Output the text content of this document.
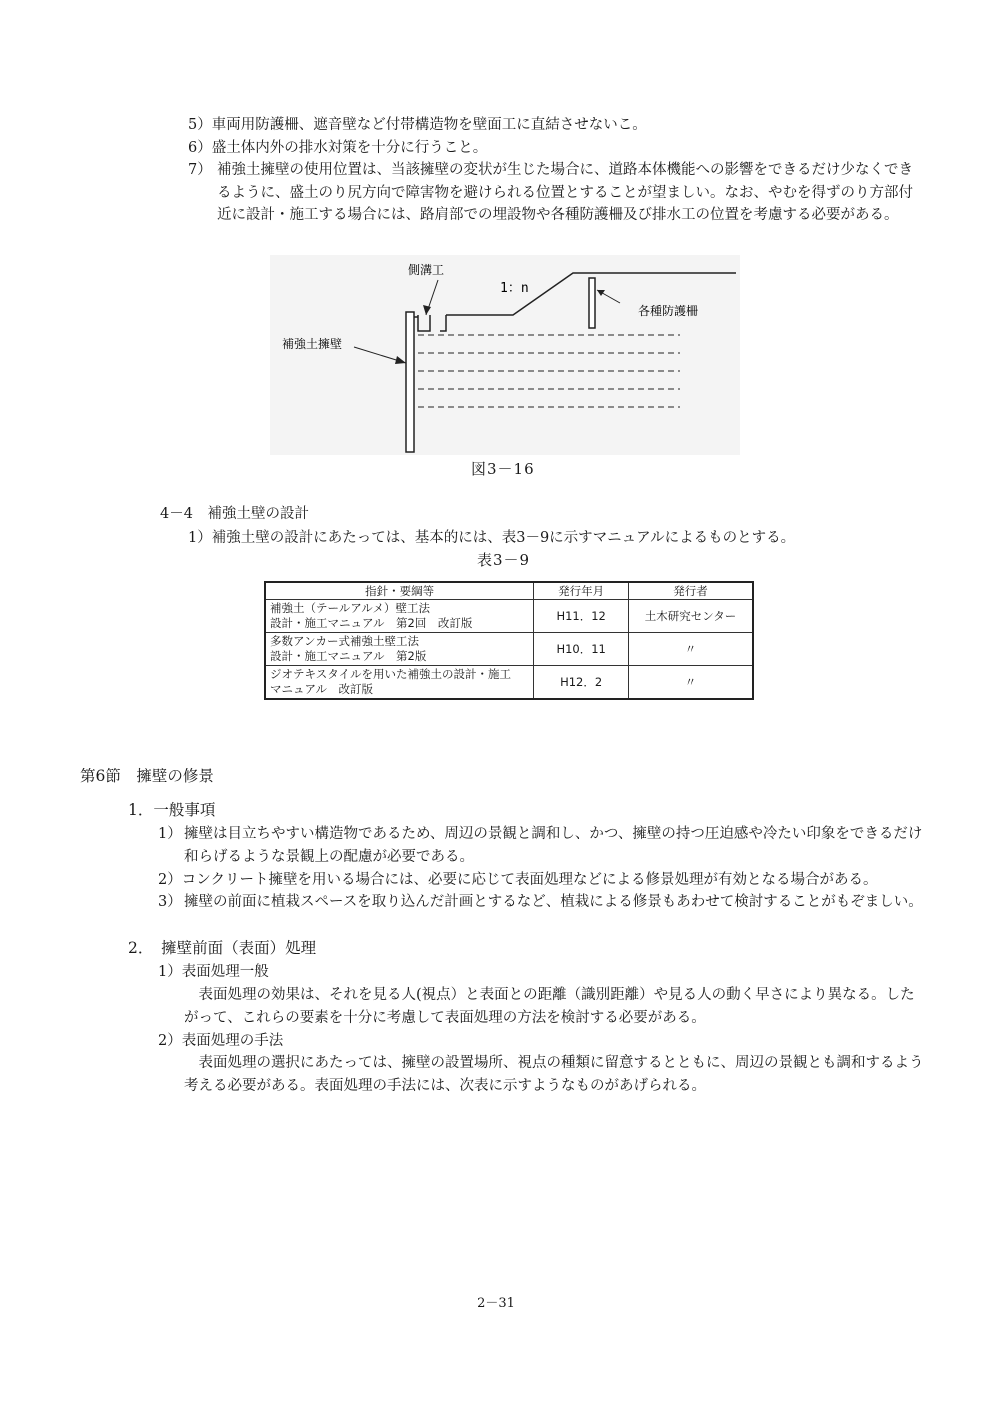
5）車両用防護柵、遮音壁など付帯構造物を壁面工に直結させないこ。
6）盛土体内外の排水対策を十分に行うこと。
7） 補強土擁壁の使用位置は、当該擁壁の変状が生じた場合に、道路本体機能への影響をできるだけ少なくできるように、盛土のり尻方向で障害物を避けられる位置とすることが望ましい。なお、やむを得ずのり方部付近に設計・施工する場合には、路肩部での埋設物や各種防護柵及び排水工の位置を考慮する必要がある。
側溝工
1：n
各種防護柵
補強土擁壁
図3－16
4－4　補強土壁の設計
1）補強土壁の設計にあたっては、基本的には、表3－9に示すマニュアルによるものとする。
表3－9
指針・要綱等	発行年月	発行者

補強土（テールアルメ）壁工法
設計・施工マニュアル　第2回　改訂版	H11．12	土木研究センター

多数アンカー式補強土壁工法
設計・施工マニュアル　第2版	H10．11	〃

ジオテキスタイルを用いた補強土の設計・施工
マニュアル　改訂版	H12．2	〃
第6節　擁壁の修景
1．一般事項
1） 擁壁は目立ちやすい構造物であるため、周辺の景観と調和し、かつ、擁壁の持つ圧迫感や冷たい印象をできるだけ和らげるような景観上の配慮が必要である。
2）コンクリート擁壁を用いる場合には、必要に応じて表面処理などによる修景処理が有効となる場合がある。
3） 擁壁の前面に植栽スペースを取り込んだ計画とするなど、植栽による修景もあわせて検討することがもぞましい。
2．　擁壁前面（表面）処理
1）表面処理一般
表面処理の効果は、それを見る人(視点）と表面との距離（識別距離）や見る人の動く早さにより異なる。したがって、これらの要素を十分に考慮して表面処理の方法を検討する必要がある。
2）表面処理の手法
表面処理の選択にあたっては、擁壁の設置場所、視点の種類に留意するとともに、周辺の景観とも調和するよう考える必要がある。表面処理の手法には、次表に示すようなものがあげられる。
2－31
